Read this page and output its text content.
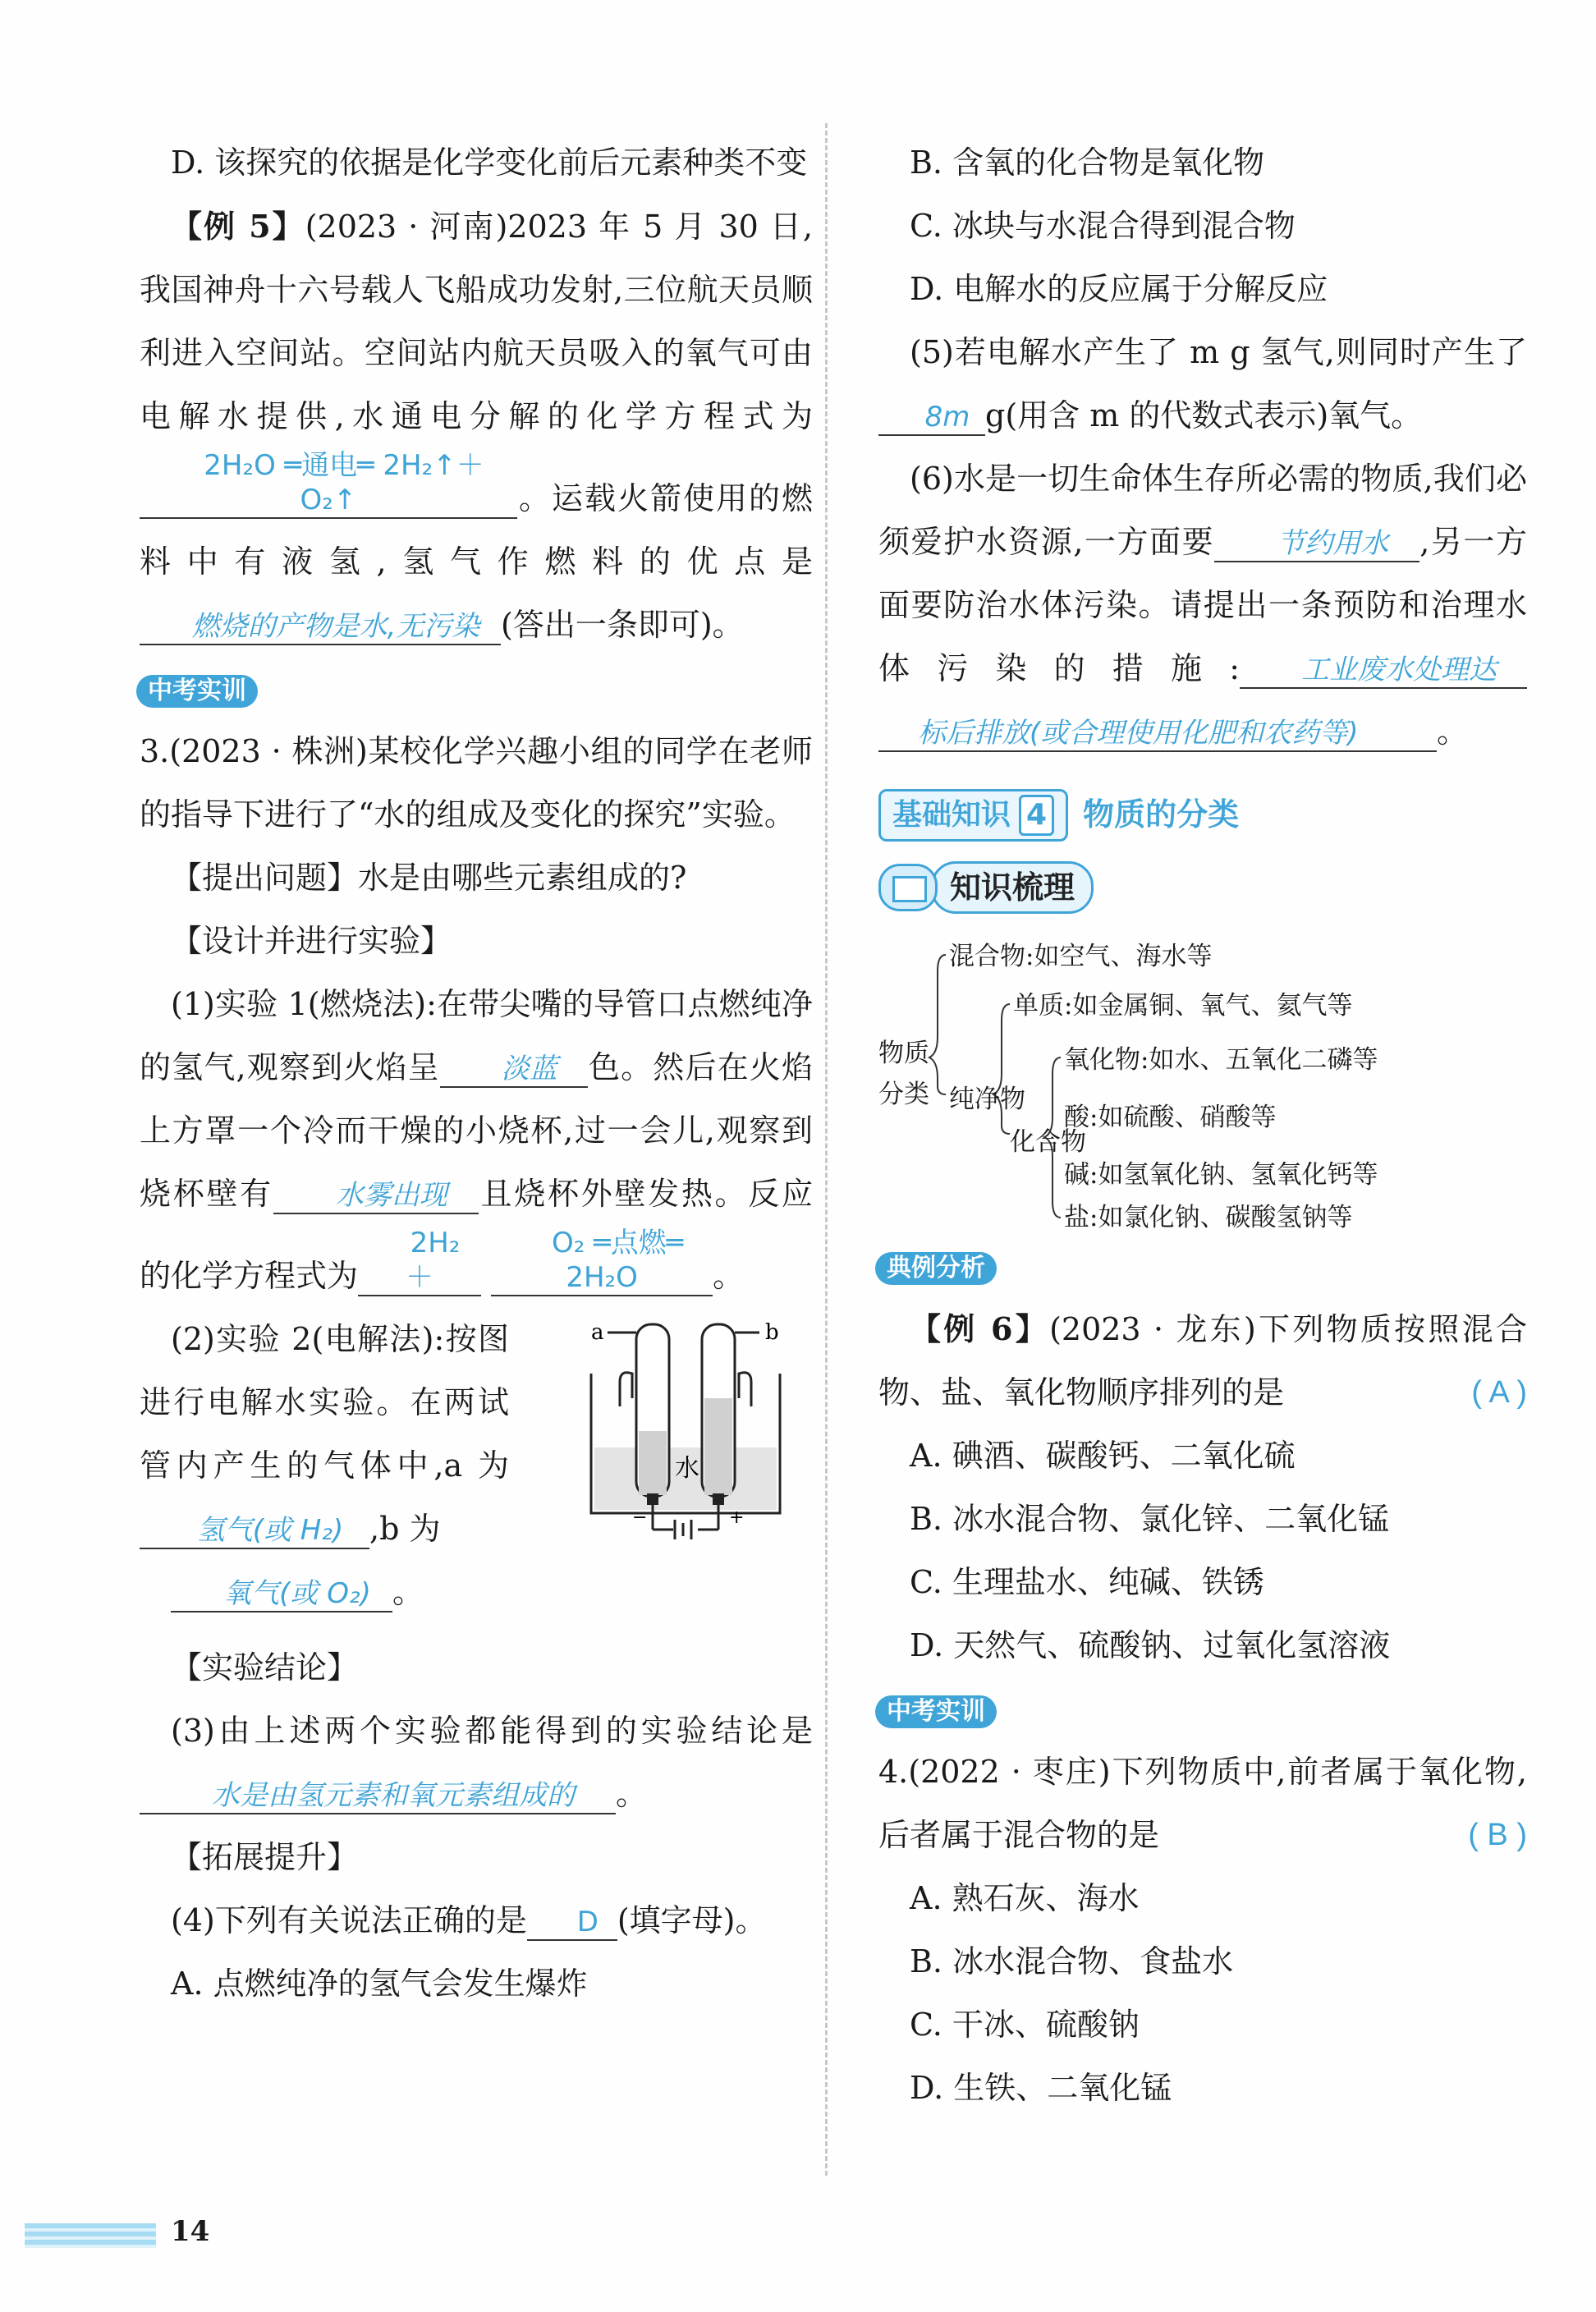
D. 该探究的依据是化学变化前后元素种类不变

【例 5】(2023 · 河南)2023 年 5 月 30 日,我国神舟十六号载人飞船成功发射,三位航天员顺利进入空间站。空间站内航天员吸入的氧气可由电解水提供,水通电分解的化学方程式为2H₂O ═通电═ 2H₂↑＋O₂↑	。运载火箭使用的燃料中有液氢,氢气作燃料的优点是 燃烧的产物是水,无污染 (答出一条即可)。

中考实训

3.(2023 · 株洲)某校化学兴趣小组的同学在老师的指导下进行了“水的组成及变化的探究”实验。

【提出问题】水是由哪些元素组成的?

【设计并进行实验】

(1)实验 1(燃烧法):在带尖嘴的导管口点燃纯净的氢气,观察到火焰呈 淡蓝 色。然后在火焰上方罩一个冷而干燥的小烧杯,过一会儿,观察到烧杯壁有 水雾出现 且烧杯外壁发热。反应的化学方程式为2H₂＋ O₂ ═点燃═ 2H₂O 。

(2)实验 2(电解法):按图进行电解水实验。在两试管内产生的气体中,a 为氢气(或 H₂) ,b 为

氧气(或 O₂) 。

−	+
a	b
水

【实验结论】

(3)由上述两个实验都能得到的实验结论是 水是由氢元素和氧元素组成的 。

【拓展提升】

(4)下列有关说法正确的是 D (填字母)。

A. 点燃纯净的氢气会发生爆炸

B. 含氧的化合物是氧化物

C. 冰块与水混合得到混合物

D. 电解水的反应属于分解反应

(5)若电解水产生了 m g 氢气,则同时产生了8m g(用含 m 的代数式表示)氧气。

(6)水是一切生命体生存所必需的物质,我们必须爱护水资源,一方面要 节约用水 ,另一方面要防治水体污染。请提出一条预防和治理水体污染的措施: 工业废水处理达 标后排放(或合理使用化肥和农药等)	。

基础知识 4	物质的分类
知识梳理
物质
分类
混合物:如空气、海水等
纯净物
单质:如金属铜、氧气、氦气等
化合物
氧化物:如水、五氧化二磷等
酸:如硫酸、硝酸等
碱:如氢氧化钠、氢氧化钙等
盐:如氯化钠、碳酸氢钠等
典例分析

【例 6】(2023 · 龙东)下列物质按照混合物、盐、氧化物顺序排列的是	( A )

A. 碘酒、碳酸钙、二氧化硫

B. 冰水混合物、氯化锌、二氧化锰

C. 生理盐水、纯碱、铁锈

D. 天然气、硫酸钠、过氧化氢溶液

中考实训

4.(2022 · 枣庄)下列物质中,前者属于氧化物,后者属于混合物的是	( B )

A. 熟石灰、海水

B. 冰水混合物、食盐水

C. 干冰、硫酸钠

D. 生铁、二氧化锰

14
